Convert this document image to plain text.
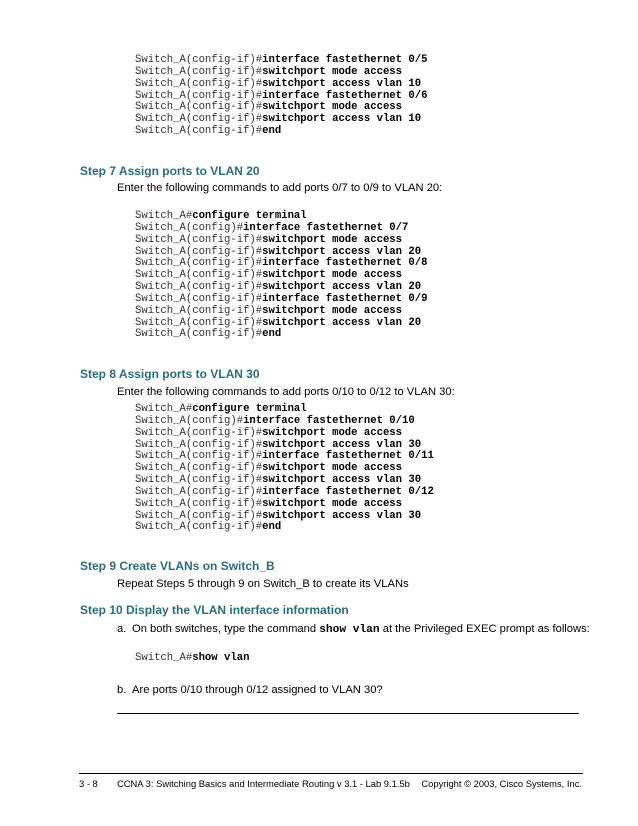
Switch_A(config-if)#interface fastethernet 0/5
Switch_A(config-if)#switchport mode access
Switch_A(config-if)#switchport access vlan 10
Switch_A(config-if)#interface fastethernet 0/6
Switch_A(config-if)#switchport mode access
Switch_A(config-if)#switchport access vlan 10
Switch_A(config-if)#end
Step 7 Assign ports to VLAN 20
Enter the following commands to add ports 0/7 to 0/9 to VLAN 20:
Switch_A#configure terminal
Switch_A(config)#interface fastethernet 0/7
Switch_A(config-if)#switchport mode access
Switch_A(config-if)#switchport access vlan 20
Switch_A(config-if)#interface fastethernet 0/8
Switch_A(config-if)#switchport mode access
Switch_A(config-if)#switchport access vlan 20
Switch_A(config-if)#interface fastethernet 0/9
Switch_A(config-if)#switchport mode access
Switch_A(config-if)#switchport access vlan 20
Switch_A(config-if)#end
Step 8 Assign ports to VLAN 30
Enter the following commands to add ports 0/10 to 0/12 to VLAN 30:
Switch_A#configure terminal
Switch_A(config)#interface fastethernet 0/10
Switch_A(config-if)#switchport mode access
Switch_A(config-if)#switchport access vlan 30
Switch_A(config-if)#interface fastethernet 0/11
Switch_A(config-if)#switchport mode access
Switch_A(config-if)#switchport access vlan 30
Switch_A(config-if)#interface fastethernet 0/12
Switch_A(config-if)#switchport mode access
Switch_A(config-if)#switchport access vlan 30
Switch_A(config-if)#end
Step 9 Create VLANs on Switch_B
Repeat Steps 5 through 9 on Switch_B to create its VLANs
Step 10 Display the VLAN interface information
a. On both switches, type the command show vlan at the Privileged EXEC prompt as follows:
Switch_A#show vlan
b. Are ports 0/10 through 0/12 assigned to VLAN 30?
3 - 8 CCNA 3: Switching Basics and Intermediate Routing v 3.1 - Lab 9.1.5b Copyright © 2003, Cisco Systems, Inc.
